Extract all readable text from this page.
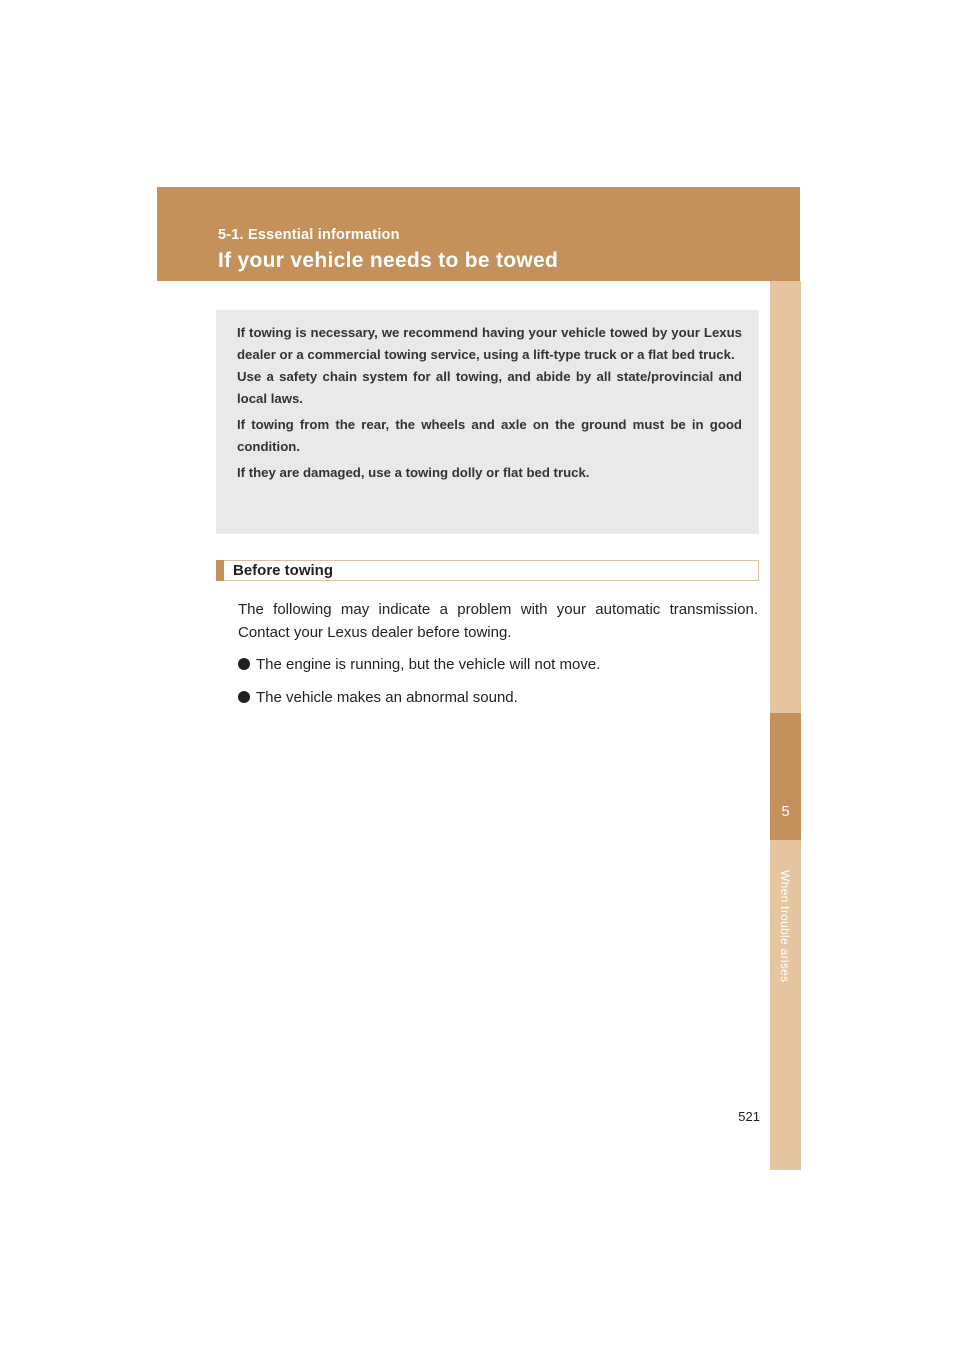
5-1. Essential information
If your vehicle needs to be towed
5
When trouble arises

If towing is necessary, we recommend having your vehicle towed by your Lexus dealer or a commercial towing service, using a lift-type truck or a flat bed truck.

Use a safety chain system for all towing, and abide by all state/provincial and local laws.

If towing from the rear, the wheels and axle on the ground must be in good condition.

If they are damaged, use a towing dolly or flat bed truck.

Before towing

The following may indicate a problem with your automatic transmission. Contact your Lexus dealer before towing.

The engine is running, but the vehicle will not move.
The vehicle makes an abnormal sound.
521
